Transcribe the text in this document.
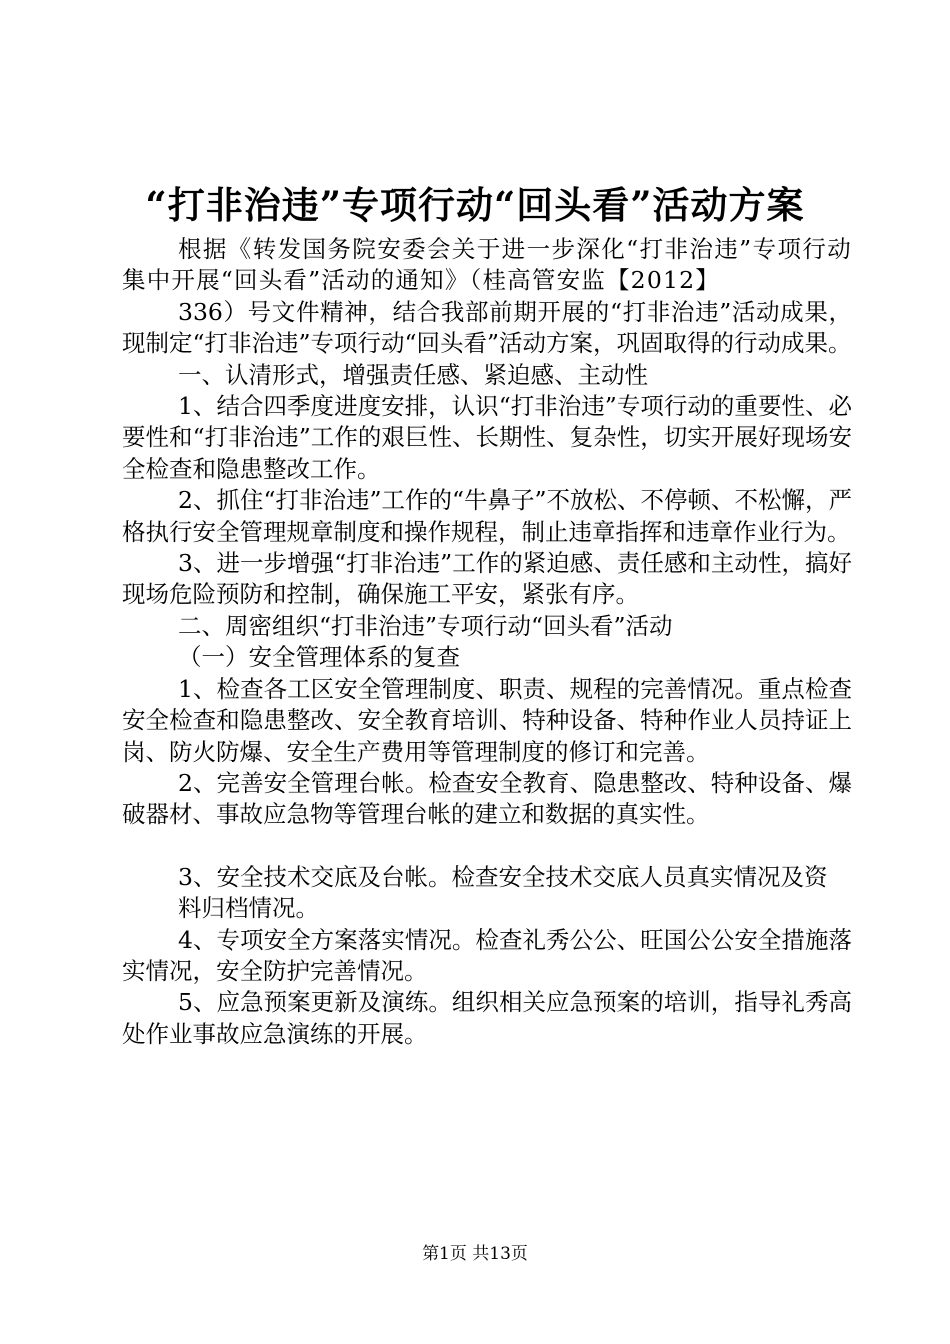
“打非治违”专项行动“回头看”活动方案

根据《转发国务院安委会关于进一步深化“打非治违”专项行动集中开展“回头看”活动的通知》（桂高管安监【2012】

336）号文件精神，结合我部前期开展的“打非治违”活动成果，现制定“打非治违”专项行动“回头看”活动方案，巩固取得的行动成果。

一、认清形式，增强责任感、紧迫感、主动性

1、结合四季度进度安排，认识“打非治违”专项行动的重要性、必要性和“打非治违”工作的艰巨性、长期性、复杂性，切实开展好现场安全检查和隐患整改工作。

2、抓住“打非治违”工作的“牛鼻子”不放松、不停顿、不松懈，严格执行安全管理规章制度和操作规程，制止违章指挥和违章作业行为。

3、进一步增强“打非治违”工作的紧迫感、责任感和主动性，搞好现场危险预防和控制，确保施工平安，紧张有序。

二、周密组织“打非治违”专项行动“回头看”活动

（一）安全管理体系的复查

1、检查各工区安全管理制度、职责、规程的完善情况。重点检查安全检查和隐患整改、安全教育培训、特种设备、特种作业人员持证上岗、防火防爆、安全生产费用等管理制度的修订和完善。

2、完善安全管理台帐。检查安全教育、隐患整改、特种设备、爆破器材、事故应急物等管理台帐的建立和数据的真实性。

3、安全技术交底及台帐。检查安全技术交底人员真实情况及资

料归档情况。

4、专项安全方案落实情况。检查礼秀公公、旺国公公安全措施落实情况，安全防护完善情况。

5、应急预案更新及演练。组织相关应急预案的培训，指导礼秀高处作业事故应急演练的开展。

第1页 共13页
